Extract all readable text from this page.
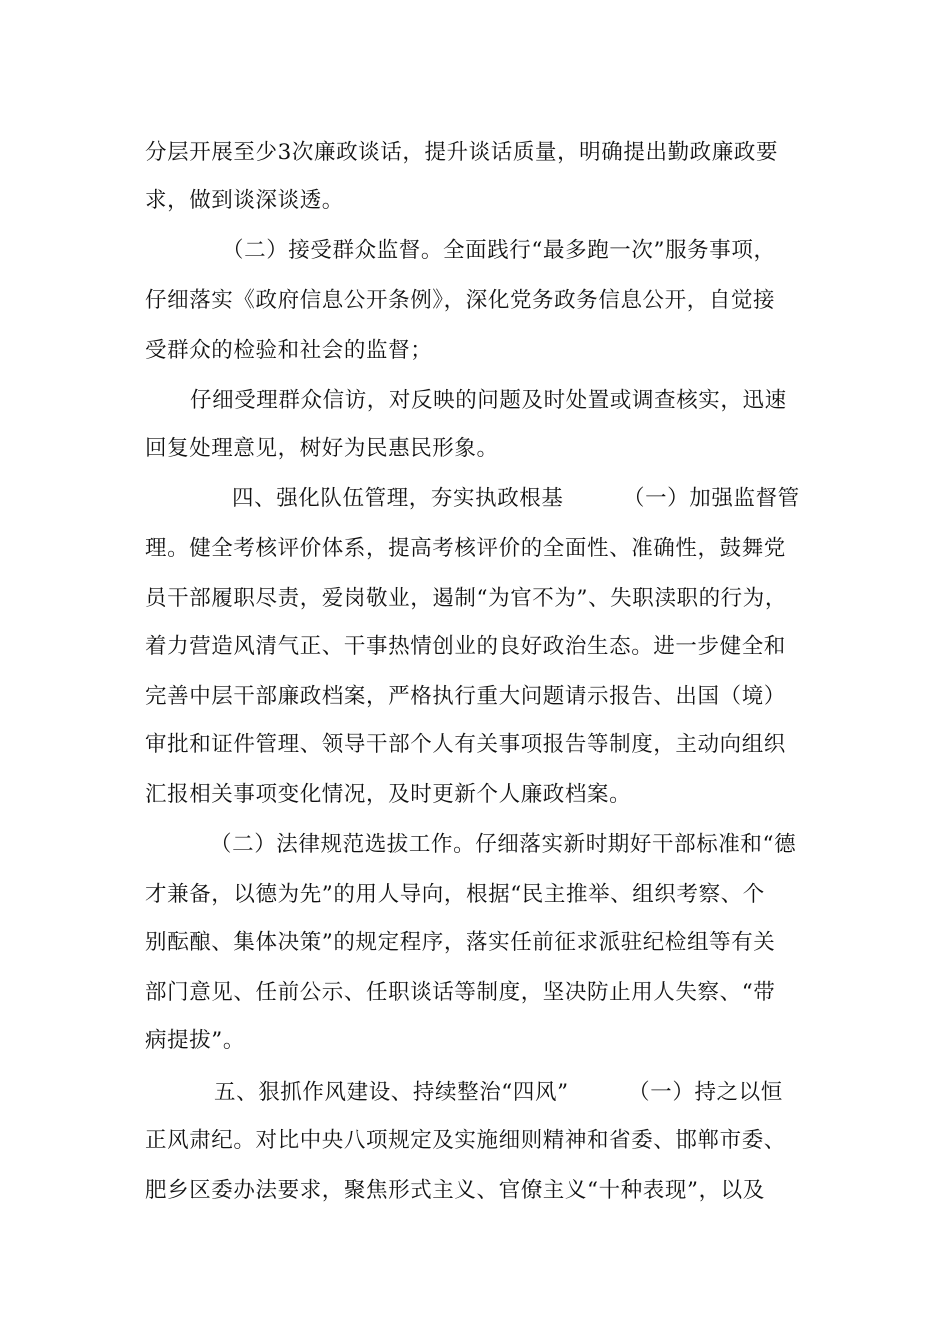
分层开展至少3次廉政谈话，提升谈话质量，明确提出勤政廉政要
求，做到谈深谈透。
（二）接受群众监督。全面践行“最多跑一次”服务事项，
仔细落实《政府信息公开条例》，深化党务政务信息公开，自觉接
受群众的检验和社会的监督；
仔细受理群众信访，对反映的问题及时处置或调查核实，迅速
回复处理意见，树好为民惠民形象。
四、强化队伍管理，夯实执政根基        （一）加强监督管
理。健全考核评价体系，提高考核评价的全面性、准确性，鼓舞党
员干部履职尽责，爱岗敬业，遏制“为官不为”、失职渎职的行为，
着力营造风清气正、干事热情创业的良好政治生态。进一步健全和
完善中层干部廉政档案，严格执行重大问题请示报告、出国（境）
审批和证件管理、领导干部个人有关事项报告等制度，主动向组织
汇报相关事项变化情况，及时更新个人廉政档案。
（二）法律规范选拔工作。仔细落实新时期好干部标准和“德
才兼备，以德为先”的用人导向，根据“民主推举、组织考察、个
别酝酿、集体决策”的规定程序，落实任前征求派驻纪检组等有关
部门意见、任前公示、任职谈话等制度，坚决防止用人失察、“带
病提拔”。
五、狠抓作风建设、持续整治“四风”        （一）持之以恒
正风肃纪。对比中央八项规定及实施细则精神和省委、邯郸市委、
肥乡区委办法要求，聚焦形式主义、官僚主义“十种表现”，以及
